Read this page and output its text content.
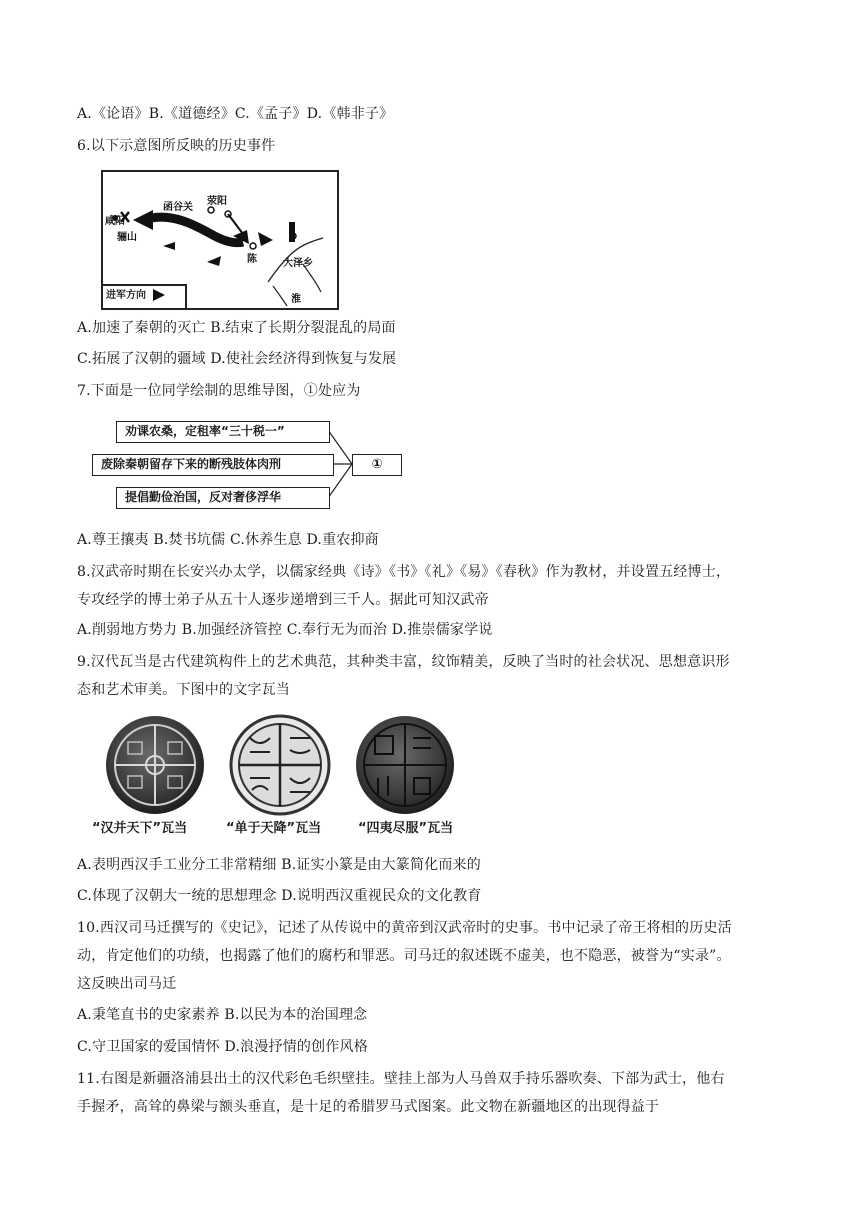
A.《论语》B.《道德经》C.《孟子》D.《韩非子》
6.以下示意图所反映的历史事件
咸阳
骊山
函谷关
荥阳
陈	大泽乡
淮
进军方向
A.加速了秦朝的灭亡 B.结束了长期分裂混乱的局面
C.拓展了汉朝的疆域 D.使社会经济得到恢复与发展
7.下面是一位同学绘制的思维导图，①处应为
劝课农桑，定租率“三十税一”
废除秦朝留存下来的断残肢体肉刑
提倡勤俭治国，反对奢侈浮华
①
A.尊王攘夷 B.焚书坑儒 C.休养生息 D.重农抑商
8.汉武帝时期在长安兴办太学，以儒家经典《诗》《书》《礼》《易》《春秋》作为教材，并设置五经博士，
专攻经学的博士弟子从五十人逐步递增到三千人。据此可知汉武帝
A.削弱地方势力 B.加强经济管控 C.奉行无为而治 D.推崇儒家学说
9.汉代瓦当是古代建筑构件上的艺术典范，其种类丰富，纹饰精美，反映了当时的社会状况、思想意识形
态和艺术审美。下图中的文字瓦当
“汉并天下”瓦当	“单于天降”瓦当	“四夷尽服”瓦当
A.表明西汉手工业分工非常精细 B.证实小篆是由大篆简化而来的
C.体现了汉朝大一统的思想理念 D.说明西汉重视民众的文化教育
10.西汉司马迁撰写的《史记》，记述了从传说中的黄帝到汉武帝时的史事。书中记录了帝王将相的历史活
动，肯定他们的功绩，也揭露了他们的腐朽和罪恶。司马迁的叙述既不虚美，也不隐恶，被誉为“实录”。
这反映出司马迁
A.秉笔直书的史家素养 B.以民为本的治国理念
C.守卫国家的爱国情怀 D.浪漫抒情的创作风格
11.右图是新疆洛浦县出土的汉代彩色毛织壁挂。壁挂上部为人马兽双手持乐器吹奏、下部为武士，他右
手握矛，高耸的鼻梁与额头垂直，是十足的希腊罗马式图案。此文物在新疆地区的出现得益于
